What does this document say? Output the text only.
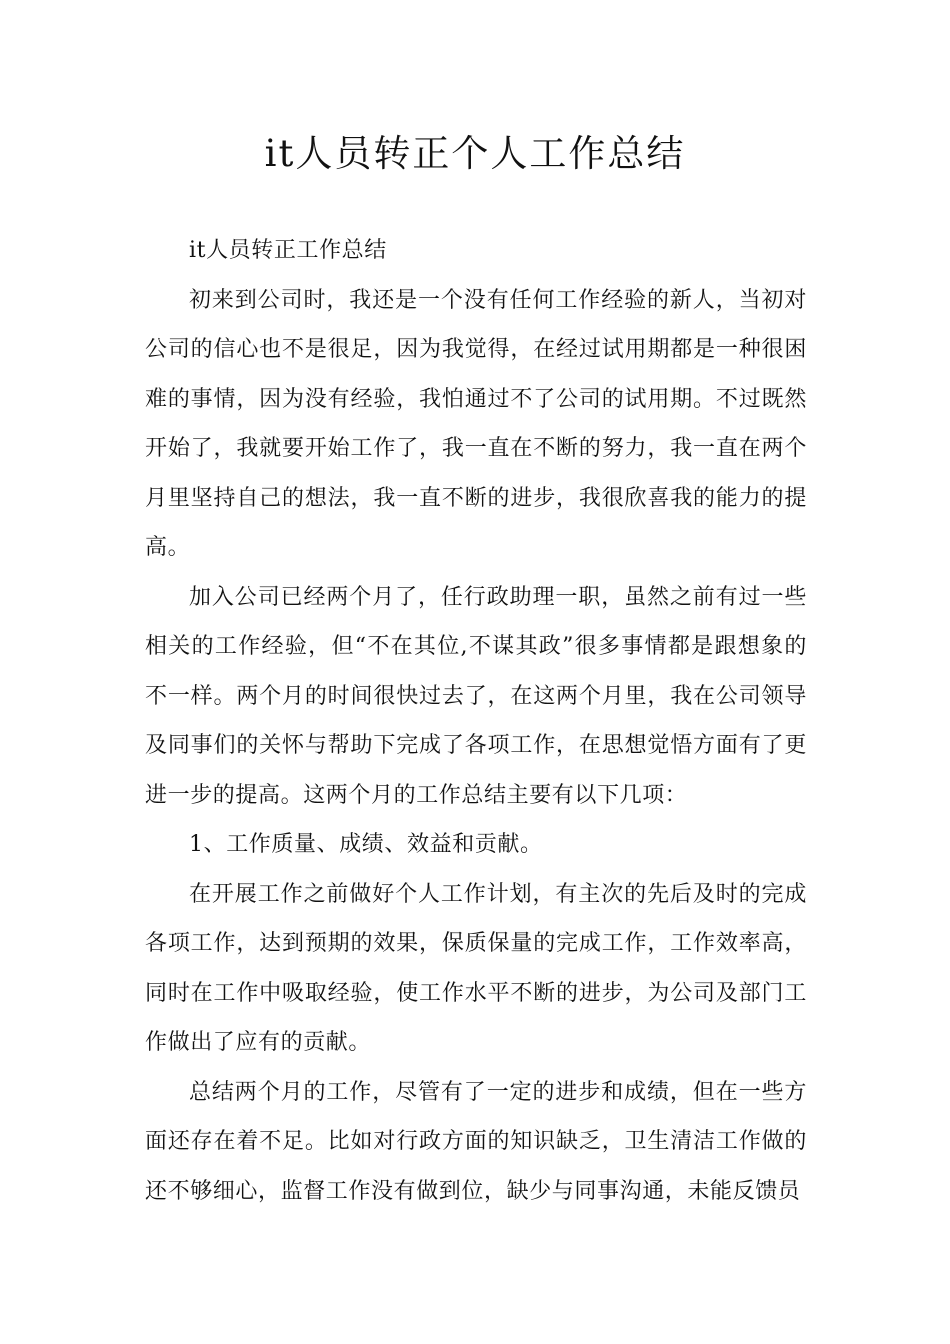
it人员转正个人工作总结

it人员转正工作总结

初来到公司时，我还是一个没有任何工作经验的新人，当初对公司的信心也不是很足，因为我觉得，在经过试用期都是一种很困难的事情，因为没有经验，我怕通过不了公司的试用期。不过既然开始了，我就要开始工作了，我一直在不断的努力，我一直在两个月里坚持自己的想法，我一直不断的进步，我很欣喜我的能力的提高。

加入公司已经两个月了，任行政助理一职，虽然之前有过一些相关的工作经验，但“不在其位,不谋其政”很多事情都是跟想象的不一样。两个月的时间很快过去了，在这两个月里，我在公司领导及同事们的关怀与帮助下完成了各项工作，在思想觉悟方面有了更进一步的提高。这两个月的工作总结主要有以下几项：

1、工作质量、成绩、效益和贡献。

在开展工作之前做好个人工作计划，有主次的先后及时的完成各项工作，达到预期的效果，保质保量的完成工作，工作效率高，同时在工作中吸取经验，使工作水平不断的进步，为公司及部门工作做出了应有的贡献。

总结两个月的工作，尽管有了一定的进步和成绩，但在一些方面还存在着不足。比如对行政方面的知识缺乏，卫生清洁工作做的还不够细心，监督工作没有做到位，缺少与同事沟通，未能反馈员
